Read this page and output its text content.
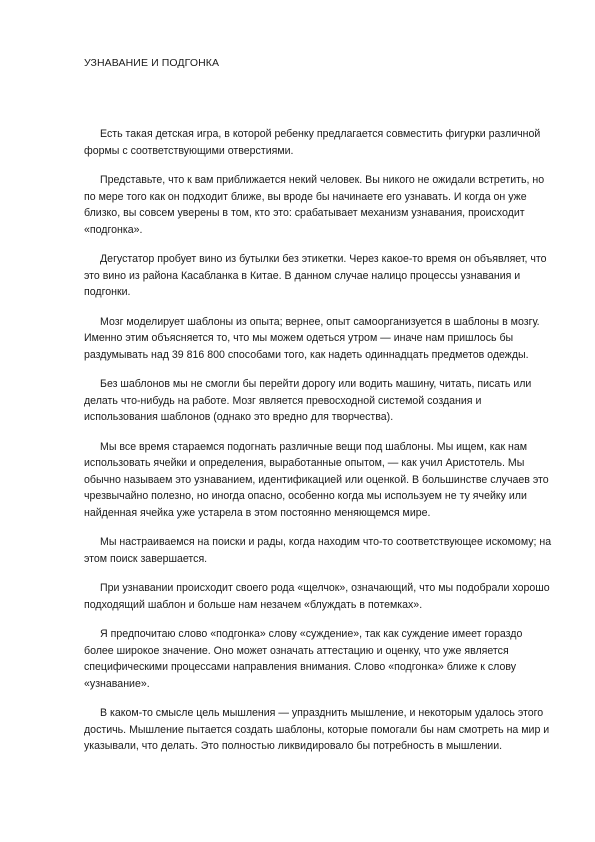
УЗНАВАНИЕ И ПОДГОНКА

Есть такая детская игра, в которой ребенку предлагается совместить фигурки различной формы с соответствующими отверстиями.

Представьте, что к вам приближается некий человек. Вы никого не ожидали встретить, но по мере того как он подходит ближе, вы вроде бы начинаете его узнавать. И когда он уже близко, вы совсем уверены в том, кто это: срабатывает механизм узнавания, происходит «подгонка».

Дегустатор пробует вино из бутылки без этикетки. Через какое-то время он объявляет, что это вино из района Касабланка в Китае. В данном случае налицо процессы узнавания и подгонки.

Мозг моделирует шаблоны из опыта; вернее, опыт самоорганизуется в шаблоны в мозгу. Именно этим объясняется то, что мы можем одеться утром — иначе нам пришлось бы раздумывать над 39 816 800 способами того, как надеть одиннадцать предметов одежды.

Без шаблонов мы не смогли бы перейти дорогу или водить машину, читать, писать или делать что-нибудь на работе. Мозг является превосходной системой создания и использования шаблонов (однако это вредно для творчества).

Мы все время стараемся подогнать различные вещи под шаблоны. Мы ищем, как нам использовать ячейки и определения, выработанные опытом, — как учил Аристотель. Мы обычно называем это узнаванием, идентификацией или оценкой. В большинстве случаев это чрезвычайно полезно, но иногда опасно, особенно когда мы используем не ту ячейку или найденная ячейка уже устарела в этом постоянно меняющемся мире.

Мы настраиваемся на поиски и рады, когда находим что-то соответствующее искомому; на этом поиск завершается.

При узнавании происходит своего рода «щелчок», означающий, что мы подобрали хорошо подходящий шаблон и больше нам незачем «блуждать в потемках».

Я предпочитаю слово «подгонка» слову «суждение», так как суждение имеет гораздо более широкое значение. Оно может означать аттестацию и оценку, что уже является специфическими процессами направления внимания. Слово «подгонка» ближе к слову «узнавание».

В каком-то смысле цель мышления — упразднить мышление, и некоторым удалось этого достичь. Мышление пытается создать шаблоны, которые помогали бы нам смотреть на мир и указывали, что делать. Это полностью ликвидировало бы потребность в мышлении.
